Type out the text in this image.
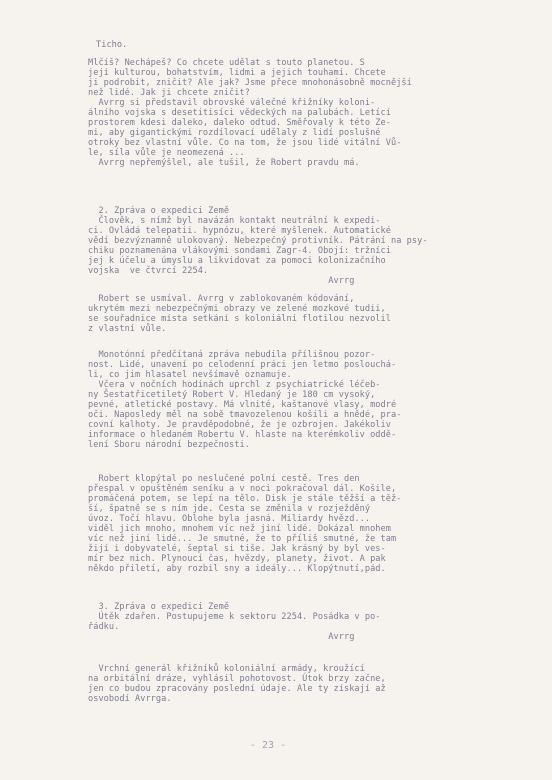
Ticho.
Mlčíš? Nechápeš? Co chcete udělat s touto planetou. S
její kulturou, bohatstvím, lidmi a jejich touhami. Chcete
ji podrobit, zničit? Ale jak? Jsme přece mnohonásobně mocnější
než lidé. Jak ji chcete zničit?
Avrrg si představil obrovské válečné křižníky koloni-
álního vojska s desetitisíci vědeckých na palubách. Letící
prostorem kdesi daleko, daleko odtud. Směřovaly k této Ze-
mi, aby gigantickými rozdílovací udělaly z lidí poslušné
otroky bez vlastní vůle. Co na tom, že jsou lidé vitální Vů-
le, síla vůle je neomezená ...
Avrrg nepřemýšlel, ale tušil, že Robert pravdu má.
2. Zpráva o expedici Země
Člověk, s nímž byl navázán kontakt neutrální k expedi-
ci. Ovládá telepatii. hypnózu, které myšlenek. Automatické
vědí bezvýznamně ulokovaný. Nebezpečný protivník. Pátrání na psy-
chiku poznamenána vlákovými sondami Zagr-4. Obojí: tržníci
jej k účelu a úmyslu a likvidovat za pomoci kolonizačního
vojska  ve čtvrcí 2254.
Avrrg
Robert se usmíval. Avrrg v zablokovaném kódování,
ukrytém mezi nebezpečnými obrazy ve zelené mozkové tudii,
se souřadnice místa setkání s koloniální flotilou nezvolil
z vlastní vůle.
Monotónní předčítaná zpráva nebudila přílišnou pozor-
nost. Lidé, unavení po celodenní práci jen letmo poslouchá-
li, co jim hlasatel nevšímavě oznamuje.
Včera v nočních hodinách uprchl z psychiatrické léčeb-
ny Šestatřicetiletý Robert V. Hledaný je 180 cm vysoký,
pevné, atletické postavy. Má vlnité, kaštanové vlasy, modré
oči. Naposledy měl na sobě tmavozelenou košili a hnědé, pra-
covní kalhoty. Je pravděpodobné, že je ozbrojen. Jakékoliv
informace o hledaném Robertu V. hlaste na kterémkoliv oddě-
lení Sboru národní bezpečnosti.
Robert klopýtal po neslučené polní cestě. Tres den
přespal v opuštěném seníku a v noci pokračoval dál. Košile,
promáčená potem, se lepí na tělo. Disk je stále těžší a těž-
ší, špatně se s ním jde. Cesta se změnila v rozježděný
úvoz. Točí hlavu. Oblohe byla jasná. Miliardy hvězd...
viděl jich mnoho, mnohem víc než jiní lidé. Dokázal mnohem
víc než jiní lidé... Je smutné, že to příliš smutné, že tam
žijí i dobyvatelé, šeptal si tiše. Jak krásný by byl ves-
mír bez nich. Plynoucí čas, hvězdy, planety, život. A pak
někdo přiletí, aby rozbil sny a ideály... Klopýtnutí,pád.
3. Zpráva o expedici Země
Útěk zdařen. Postupujeme k sektoru 2254. Posádka v po-
řádku.
Avrrg
Vrchní generál křižníků koloniální armády, kroužící
na orbitální dráze, vyhlásil pohotovost. Útok brzy začne,
jen co budou zpracovány poslední údaje. Ale ty získají až
osvobodí Avrrga.
- 23 -
